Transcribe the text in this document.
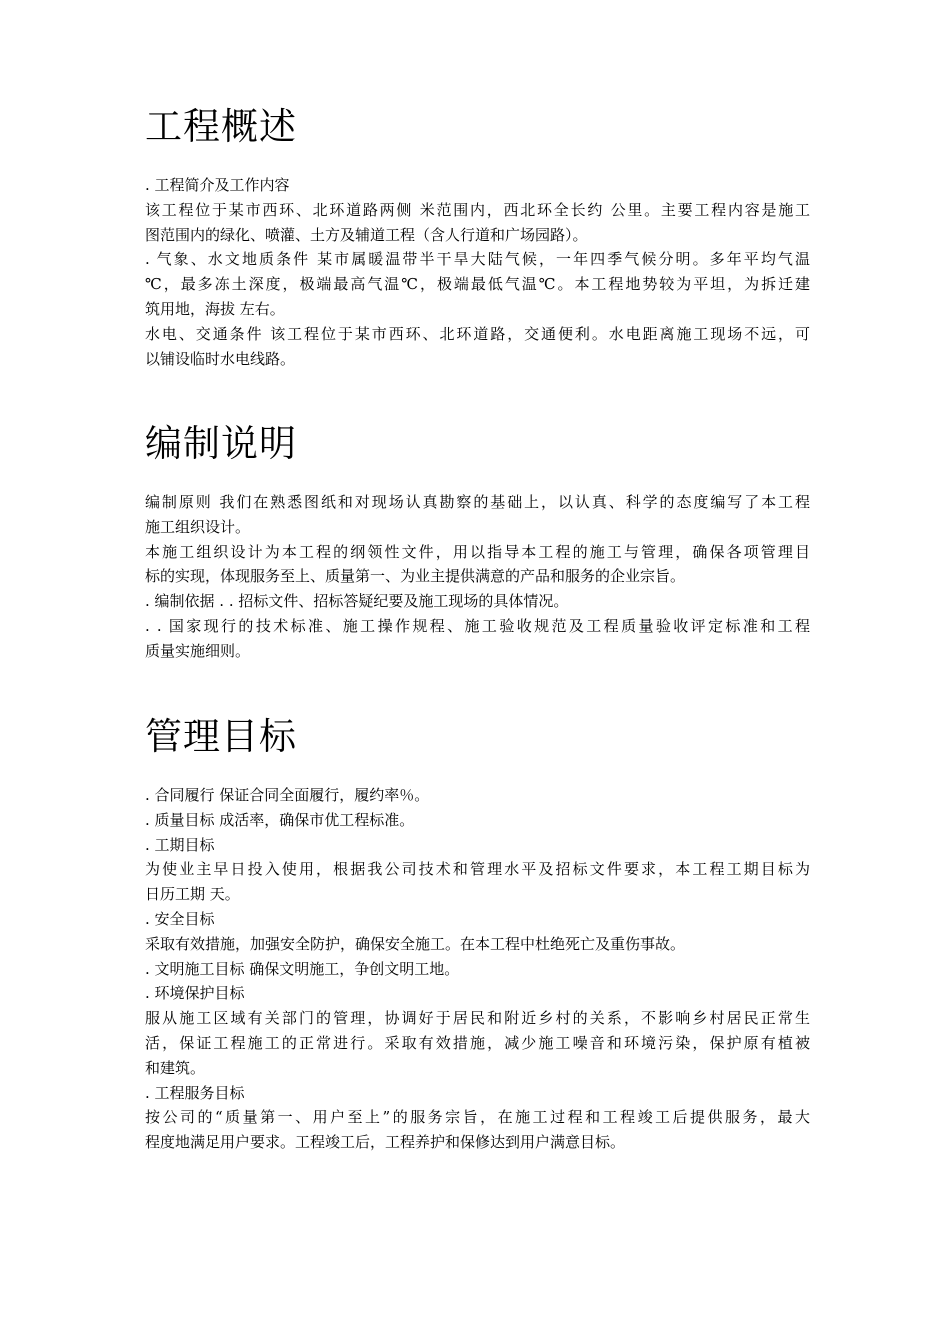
工程概述
. 工程简介及工作内容
该工程位于某市西环、北环道路两侧 米范围内，西北环全长约 公里。主要工程内容是施工
图范围内的绿化、喷灌、土方及辅道工程（含人行道和广场园路）。
. 气象、水文地质条件 某市属暖温带半干旱大陆气候，一年四季气候分明。多年平均气温
℃，最多冻土深度，极端最高气温℃，极端最低气温℃。本工程地势较为平坦，为拆迁建
筑用地，海拔 左右。
水电、交通条件 该工程位于某市西环、北环道路，交通便利。水电距离施工现场不远，可
以铺设临时水电线路。
编制说明
编制原则 我们在熟悉图纸和对现场认真勘察的基础上，以认真、科学的态度编写了本工程
施工组织设计。
本施工组织设计为本工程的纲领性文件，用以指导本工程的施工与管理，确保各项管理目
标的实现，体现服务至上、质量第一、为业主提供满意的产品和服务的企业宗旨。
. 编制依据 . . 招标文件、招标答疑纪要及施工现场的具体情况。
. . 国家现行的技术标准、施工操作规程、施工验收规范及工程质量验收评定标准和工程
质量实施细则。
管理目标
. 合同履行 保证合同全面履行，履约率％。
. 质量目标 成活率，确保市优工程标准。
. 工期目标
为使业主早日投入使用，根据我公司技术和管理水平及招标文件要求，本工程工期目标为
日历工期 天。
. 安全目标
采取有效措施，加强安全防护，确保安全施工。在本工程中杜绝死亡及重伤事故。
. 文明施工目标 确保文明施工，争创文明工地。
. 环境保护目标
服从施工区域有关部门的管理，协调好于居民和附近乡村的关系，不影响乡村居民正常生
活，保证工程施工的正常进行。采取有效措施，减少施工噪音和环境污染，保护原有植被
和建筑。
. 工程服务目标
按公司的“质量第一、用户至上”的服务宗旨，在施工过程和工程竣工后提供服务，最大
程度地满足用户要求。工程竣工后，工程养护和保修达到用户满意目标。
